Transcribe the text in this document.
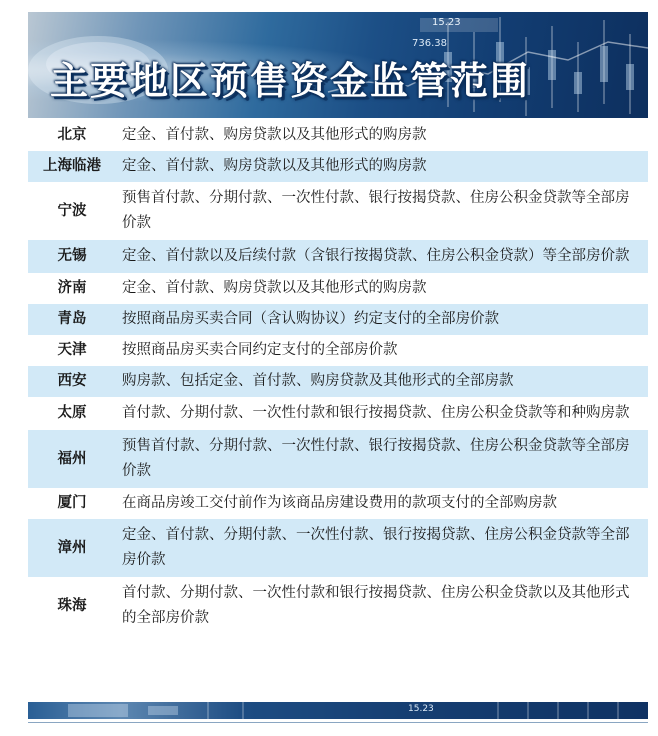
15.23
736.38
主要地区预售资金监管范围
北京	定金、首付款、购房贷款以及其他形式的购房款
上海临港	定金、首付款、购房贷款以及其他形式的购房款
宁波	预售首付款、分期付款、一次性付款、银行按揭贷款、住房公积金贷款等全部房价款
无锡	定金、首付款以及后续付款（含银行按揭贷款、住房公积金贷款）等全部房价款
济南	定金、首付款、购房贷款以及其他形式的购房款
青岛	按照商品房买卖合同（含认购协议）约定支付的全部房价款
天津	按照商品房买卖合同约定支付的全部房价款
西安	购房款、包括定金、首付款、购房贷款及其他形式的全部房款
太原	首付款、分期付款、一次性付款和银行按揭贷款、住房公积金贷款等和种购房款
福州	预售首付款、分期付款、一次性付款、银行按揭贷款、住房公积金贷款等全部房价款
厦门	在商品房竣工交付前作为该商品房建设费用的款项支付的全部购房款
漳州	定金、首付款、分期付款、一次性付款、银行按揭贷款、住房公积金贷款等全部房价款
珠海	首付款、分期付款、一次性付款和银行按揭贷款、住房公积金贷款以及其他形式的全部房价款
15.23
